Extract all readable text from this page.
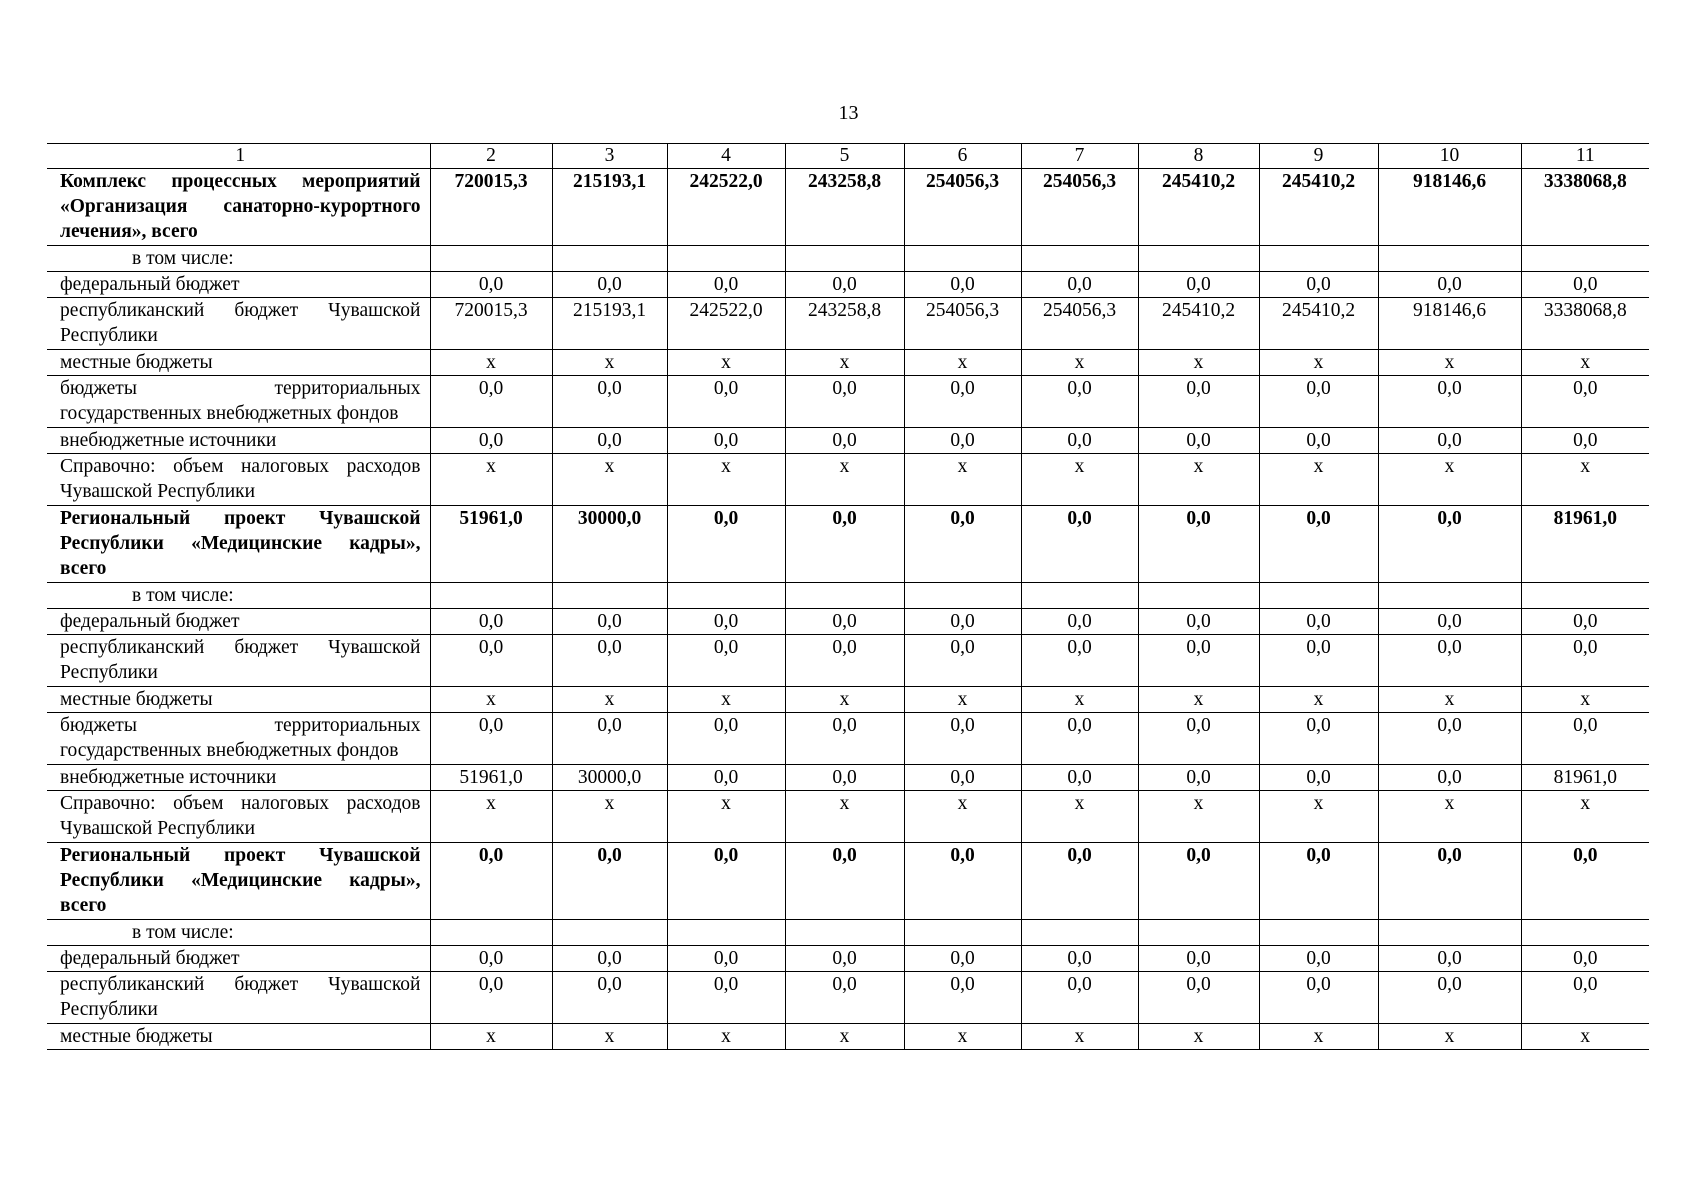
13
1	2	3	4	5	6	7	8	9	10	11
Комплекс процессных мероприятий «Организация санаторно-курортного лечения», всего	720015,3	215193,1	242522,0	243258,8	254056,3	254056,3	245410,2	245410,2	918146,6	3338068,8
в том числе:										
федеральный бюджет	0,0	0,0	0,0	0,0	0,0	0,0	0,0	0,0	0,0	0,0
республиканский бюджет Чувашской Республики	720015,3	215193,1	242522,0	243258,8	254056,3	254056,3	245410,2	245410,2	918146,6	3338068,8
местные бюджеты	x	x	x	x	x	x	x	x	x	x
бюджеты территориальных государственных внебюджетных фондов	0,0	0,0	0,0	0,0	0,0	0,0	0,0	0,0	0,0	0,0
внебюджетные источники	0,0	0,0	0,0	0,0	0,0	0,0	0,0	0,0	0,0	0,0
Справочно: объем налоговых расходов Чувашской Республики	x	x	x	x	x	x	x	x	x	x
Региональный проект Чувашской Республики «Медицинские кадры», всего	51961,0	30000,0	0,0	0,0	0,0	0,0	0,0	0,0	0,0	81961,0
в том числе:										
федеральный бюджет	0,0	0,0	0,0	0,0	0,0	0,0	0,0	0,0	0,0	0,0
республиканский бюджет Чувашской Республики	0,0	0,0	0,0	0,0	0,0	0,0	0,0	0,0	0,0	0,0
местные бюджеты	x	x	x	x	x	x	x	x	x	x
бюджеты территориальных государственных внебюджетных фондов	0,0	0,0	0,0	0,0	0,0	0,0	0,0	0,0	0,0	0,0
внебюджетные источники	51961,0	30000,0	0,0	0,0	0,0	0,0	0,0	0,0	0,0	81961,0
Справочно: объем налоговых расходов Чувашской Республики	x	x	x	x	x	x	x	x	x	x
Региональный проект Чувашской Республики «Медицинские кадры», всего	0,0	0,0	0,0	0,0	0,0	0,0	0,0	0,0	0,0	0,0
в том числе:										
федеральный бюджет	0,0	0,0	0,0	0,0	0,0	0,0	0,0	0,0	0,0	0,0
республиканский бюджет Чувашской Республики	0,0	0,0	0,0	0,0	0,0	0,0	0,0	0,0	0,0	0,0
местные бюджеты	x	x	x	x	x	x	x	x	x	x
